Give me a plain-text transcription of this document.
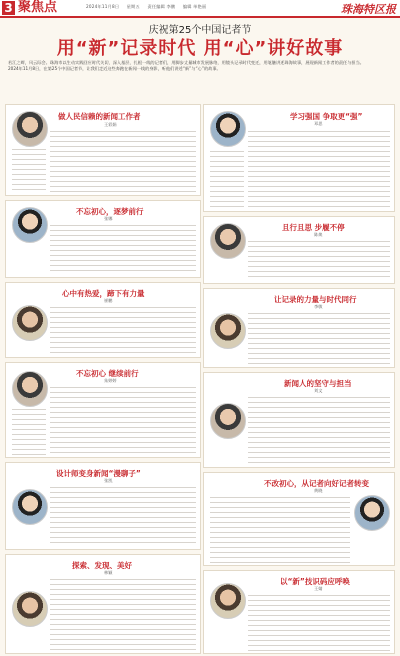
3 聚焦点	2024年11月8日 星期五 责任编辑 李鹏 编辑 单艳丽	珠海特区报
庆祝第25个中国记者节
用“新”记录时代 用“心”讲好故事
若江之畔，风云际会。珠海市以生动实践回应时代关切，深入基层、扎根一线的记者们，用脚步丈量城市发展脉络，用镜头记录时代变迁，用笔触讲述珠海故事，展现新闻工作者的责任与担当。
2024年11月8日，在第25个中国记者节，让我们走近这些奔跑在新闻一线的身影，听他们讲述“新”与“心”的故事。
做人民信赖的新闻工作者
王彩娟
不忘初心，逐梦前行
张娜
心中有热爱，蹄下有力量
崔鹏
不忘初心 继续前行
朱婷婷
设计师变身新闻“漫聊子”
张凯
探索、发现、美好
林颖
学习强国 争取更“强”
邓思
且行且思 步履不停
陈焕
让记录的力量与时代同行
李敏
新闻人的坚守与担当
刘文
不改初心，从记者向好记者转变
黄晓
以“新”技识码应呼唤
王婧
